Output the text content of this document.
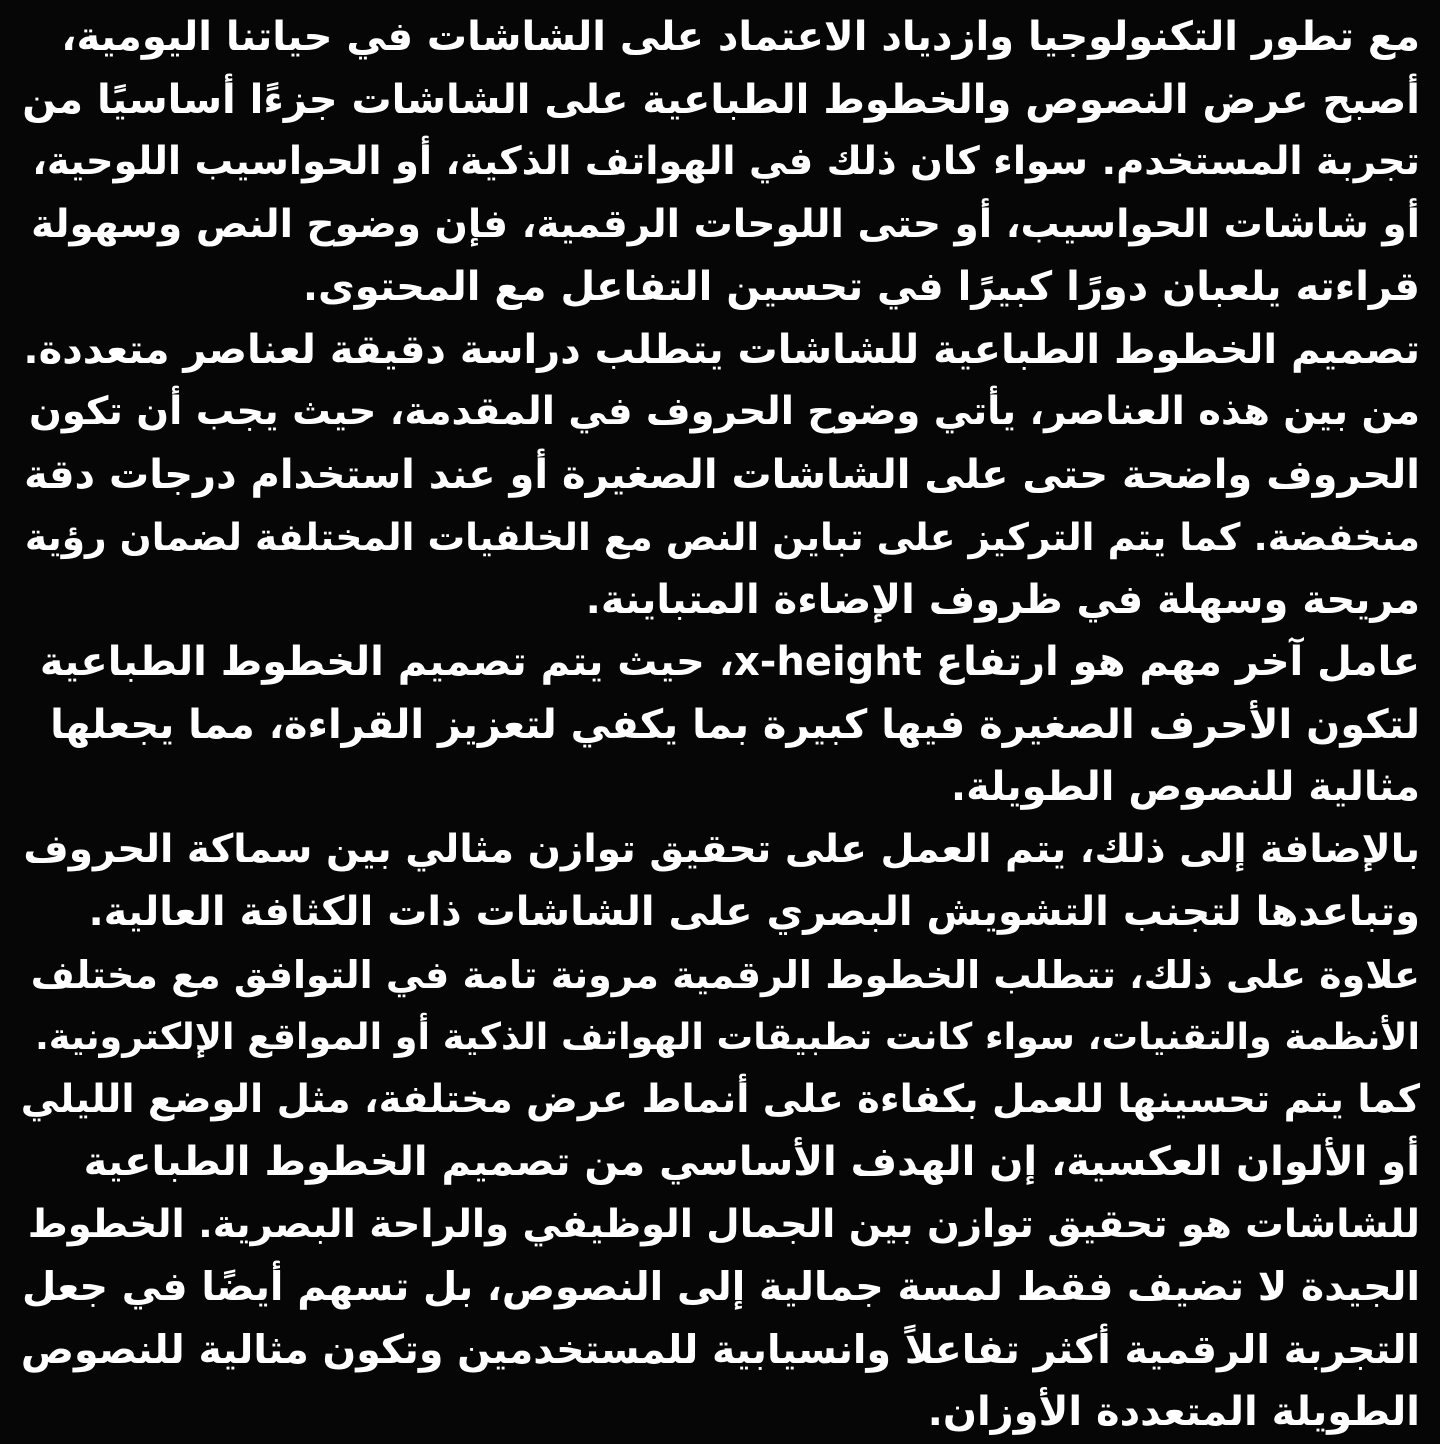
مع تطور التكنولوجيا وازدياد الاعتماد على الشاشات في حياتنا اليومية،
أصبح عرض النصوص والخطوط الطباعية على الشاشات جزءًا أساسيًا من
تجربة المستخدم. سواء كان ذلك في الهواتف الذكية، أو الحواسيب اللوحية،
أو شاشات الحواسيب، أو حتى اللوحات الرقمية، فإن وضوح النص وسهولة
قراءته يلعبان دورًا كبيرًا في تحسين التفاعل مع المحتوى.
تصميم الخطوط الطباعية للشاشات يتطلب دراسة دقيقة لعناصر متعددة.
من بين هذه العناصر، يأتي وضوح الحروف في المقدمة، حيث يجب أن تكون
الحروف واضحة حتى على الشاشات الصغيرة أو عند استخدام درجات دقة
منخفضة. كما يتم التركيز على تباين النص مع الخلفيات المختلفة لضمان رؤية
مريحة وسهلة في ظروف الإضاءة المتباينة.
عامل آخر مهم هو ارتفاع x-height، حيث يتم تصميم الخطوط الطباعية
لتكون الأحرف الصغيرة فيها كبيرة بما يكفي لتعزيز القراءة، مما يجعلها
مثالية للنصوص الطويلة.
بالإضافة إلى ذلك، يتم العمل على تحقيق توازن مثالي بين سماكة الحروف
وتباعدها لتجنب التشويش البصري على الشاشات ذات الكثافة العالية.
علاوة على ذلك، تتطلب الخطوط الرقمية مرونة تامة في التوافق مع مختلف
الأنظمة والتقنيات، سواء كانت تطبيقات الهواتف الذكية أو المواقع الإلكترونية.
كما يتم تحسينها للعمل بكفاءة على أنماط عرض مختلفة، مثل الوضع الليلي
أو الألوان العكسية، إن الهدف الأساسي من تصميم الخطوط الطباعية
للشاشات هو تحقيق توازن بين الجمال الوظيفي والراحة البصرية. الخطوط
الجيدة لا تضيف فقط لمسة جمالية إلى النصوص، بل تسهم أيضًا في جعل
التجربة الرقمية أكثر تفاعلاً وانسيابية للمستخدمين وتكون مثالية للنصوص
الطويلة المتعددة الأوزان.
